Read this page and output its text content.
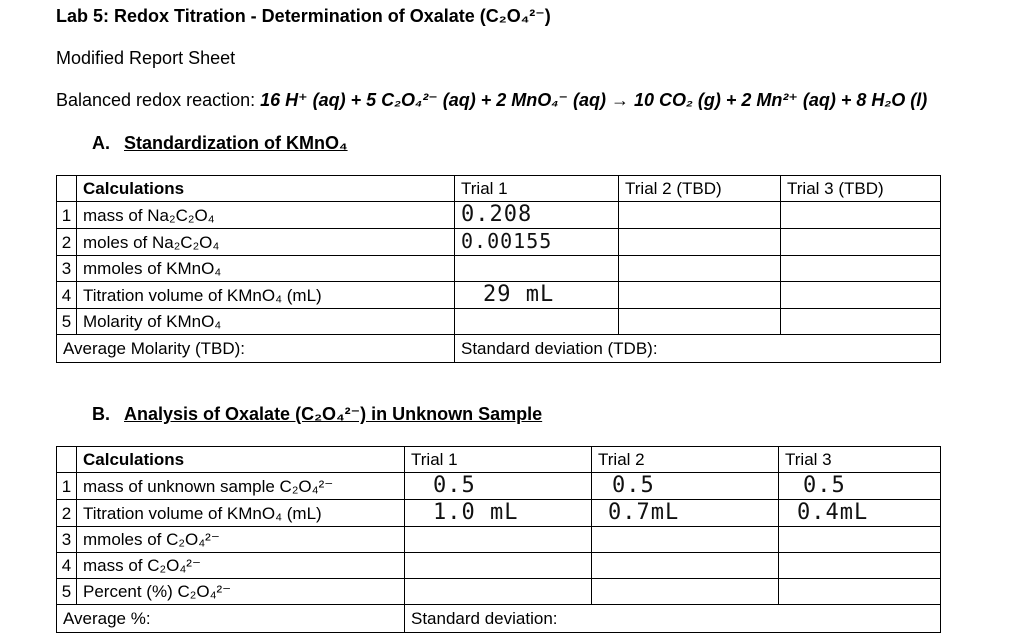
Lab 5: Redox Titration - Determination of Oxalate (C₂O₄²⁻)
Modified Report Sheet
Balanced redox reaction: 16 H⁺ (aq) + 5 C₂O₄²⁻ (aq) + 2 MnO₄⁻ (aq) → 10 CO₂ (g) + 2 Mn²⁺ (aq) + 8 H₂O (l)
A. Standardization of KMnO₄
	Calculations	Trial 1	Trial 2 (TBD)	Trial 3 (TBD)
1	mass of Na₂C₂O₄	0.208		
2	moles of Na₂C₂O₄	0.00155		
3	mmoles of KMnO₄			
4	Titration volume of KMnO₄ (mL)	29 mL		
5	Molarity of KMnO₄			
Average Molarity (TBD):		Standard deviation (TDB):		
B. Analysis of Oxalate (C₂O₄²⁻) in Unknown Sample
	Calculations	Trial 1	Trial 2	Trial 3
1	mass of unknown sample C₂O₄²⁻	0.5	0.5	0.5
2	Titration volume of KMnO₄ (mL)	1.0 mL	0.7mL	0.4mL
3	mmoles of C₂O₄²⁻			
4	mass of C₂O₄²⁻			
5	Percent (%) C₂O₄²⁻			
Average %:		Standard deviation:		
